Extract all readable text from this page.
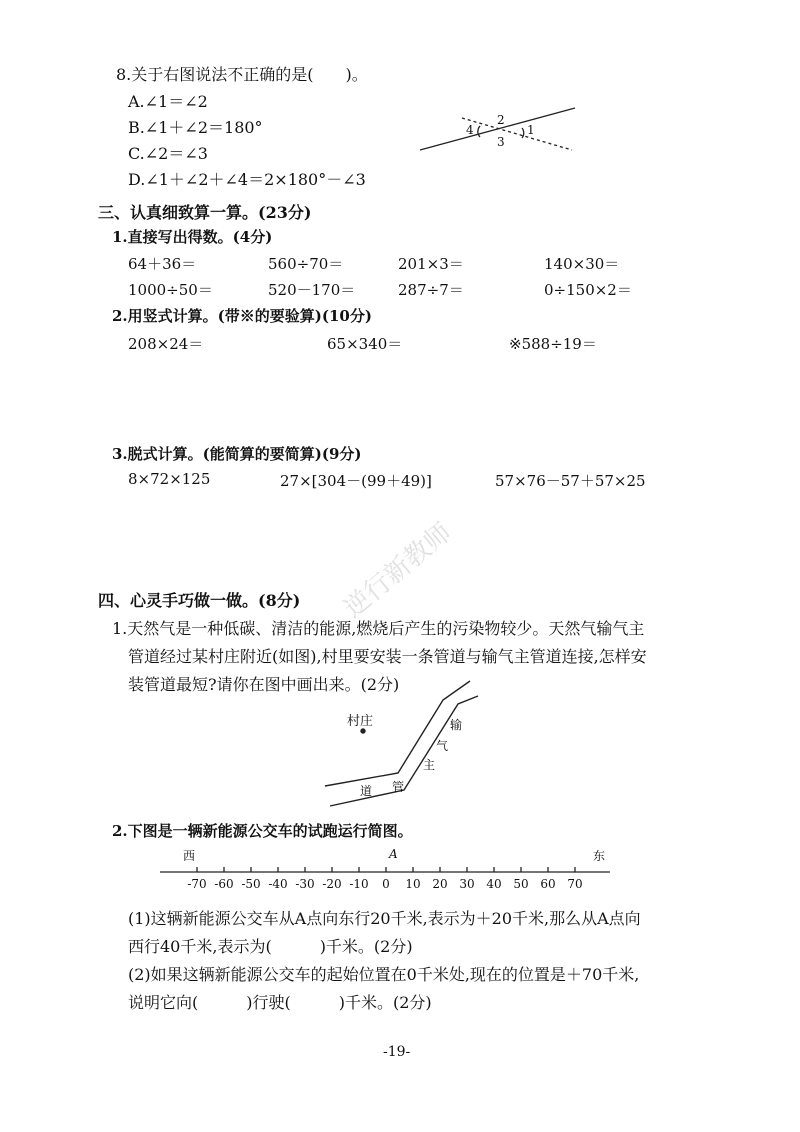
8.关于右图说法不正确的是(　　)。
A.∠1＝∠2
B.∠1＋∠2＝180°
C.∠2＝∠3
D.∠1＋∠2＋∠4＝2×180°－∠3
4
2
1
3
三、认真细致算一算。(23分)
1.直接写出得数。(4分)
64＋36＝	560÷70＝	201×3＝	140×30＝
1000÷50＝	520－170＝	287÷7＝	0÷150×2＝
2.用竖式计算。(带※的要验算)(10分)
208×24＝	65×340＝	※588÷19＝
3.脱式计算。(能简算的要简算)(9分)
8×72×125	27×[304－(99＋49)]	57×76－57＋57×25
逆行新教师
四、心灵手巧做一做。(8分)
1.天然气是一种低碳、清洁的能源,燃烧后产生的污染物较少。天然气输气主
管道经过某村庄附近(如图),村里要安装一条管道与输气主管道连接,怎样安
装管道最短?请你在图中画出来。(2分)
村庄	输
气
主
道 管
2.下图是一辆新能源公交车的试跑运行简图。
西	A	东
-70 -60 -50 -40 -30 -20 -10	0	10 20 30 40 50 60 70
(1)这辆新能源公交车从A点向东行20千米,表示为＋20千米,那么从A点向
西行40千米,表示为(　　　)千米。(2分)
(2)如果这辆新能源公交车的起始位置在0千米处,现在的位置是＋70千米,
说明它向(　　　)行驶(　　　)千米。(2分)
-19-
